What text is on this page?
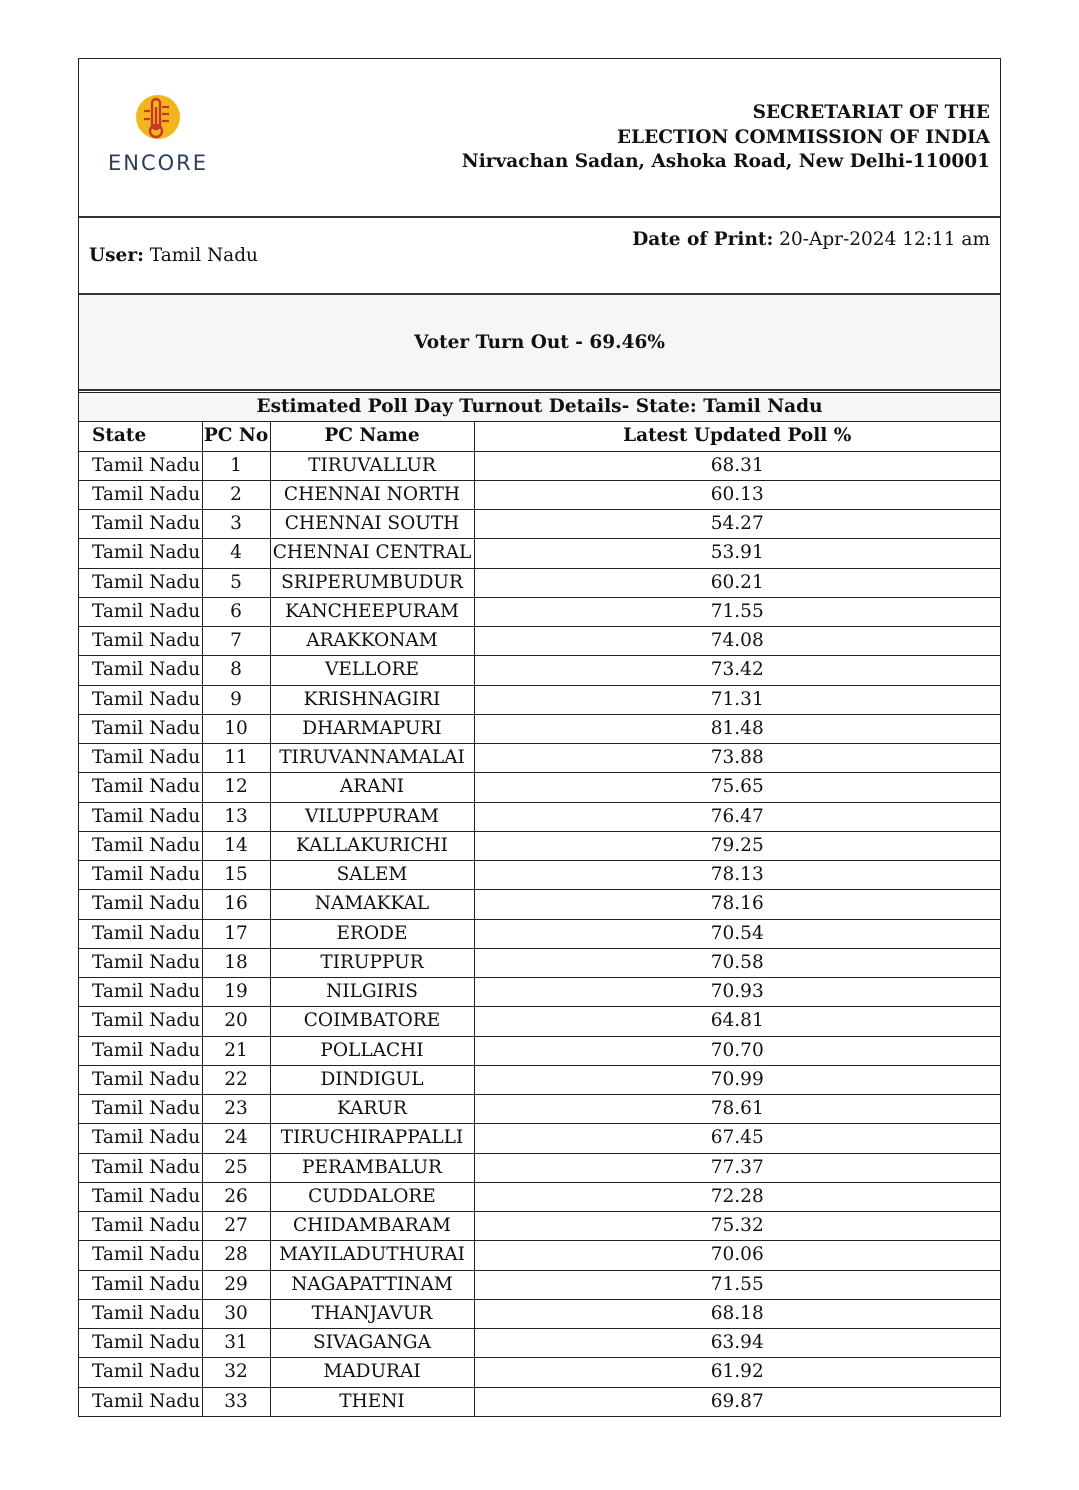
ENCORE
SECRETARIAT OF THE
ELECTION COMMISSION OF INDIA
Nirvachan Sadan, Ashoka Road, New Delhi-110001
User: Tamil Nadu
Date of Print: 20-Apr-2024 12:11 am
Voter Turn Out - 69.46%
Estimated Poll Day Turnout Details- State: Tamil Nadu			
State	PC No	PC Name	Latest Updated Poll %
Tamil Nadu	1	TIRUVALLUR	68.31
Tamil Nadu	2	CHENNAI NORTH	60.13
Tamil Nadu	3	CHENNAI SOUTH	54.27
Tamil Nadu	4	CHENNAI CENTRAL	53.91
Tamil Nadu	5	SRIPERUMBUDUR	60.21
Tamil Nadu	6	KANCHEEPURAM	71.55
Tamil Nadu	7	ARAKKONAM	74.08
Tamil Nadu	8	VELLORE	73.42
Tamil Nadu	9	KRISHNAGIRI	71.31
Tamil Nadu	10	DHARMAPURI	81.48
Tamil Nadu	11	TIRUVANNAMALAI	73.88
Tamil Nadu	12	ARANI	75.65
Tamil Nadu	13	VILUPPURAM	76.47
Tamil Nadu	14	KALLAKURICHI	79.25
Tamil Nadu	15	SALEM	78.13
Tamil Nadu	16	NAMAKKAL	78.16
Tamil Nadu	17	ERODE	70.54
Tamil Nadu	18	TIRUPPUR	70.58
Tamil Nadu	19	NILGIRIS	70.93
Tamil Nadu	20	COIMBATORE	64.81
Tamil Nadu	21	POLLACHI	70.70
Tamil Nadu	22	DINDIGUL	70.99
Tamil Nadu	23	KARUR	78.61
Tamil Nadu	24	TIRUCHIRAPPALLI	67.45
Tamil Nadu	25	PERAMBALUR	77.37
Tamil Nadu	26	CUDDALORE	72.28
Tamil Nadu	27	CHIDAMBARAM	75.32
Tamil Nadu	28	MAYILADUTHURAI	70.06
Tamil Nadu	29	NAGAPATTINAM	71.55
Tamil Nadu	30	THANJAVUR	68.18
Tamil Nadu	31	SIVAGANGA	63.94
Tamil Nadu	32	MADURAI	61.92
Tamil Nadu	33	THENI	69.87
